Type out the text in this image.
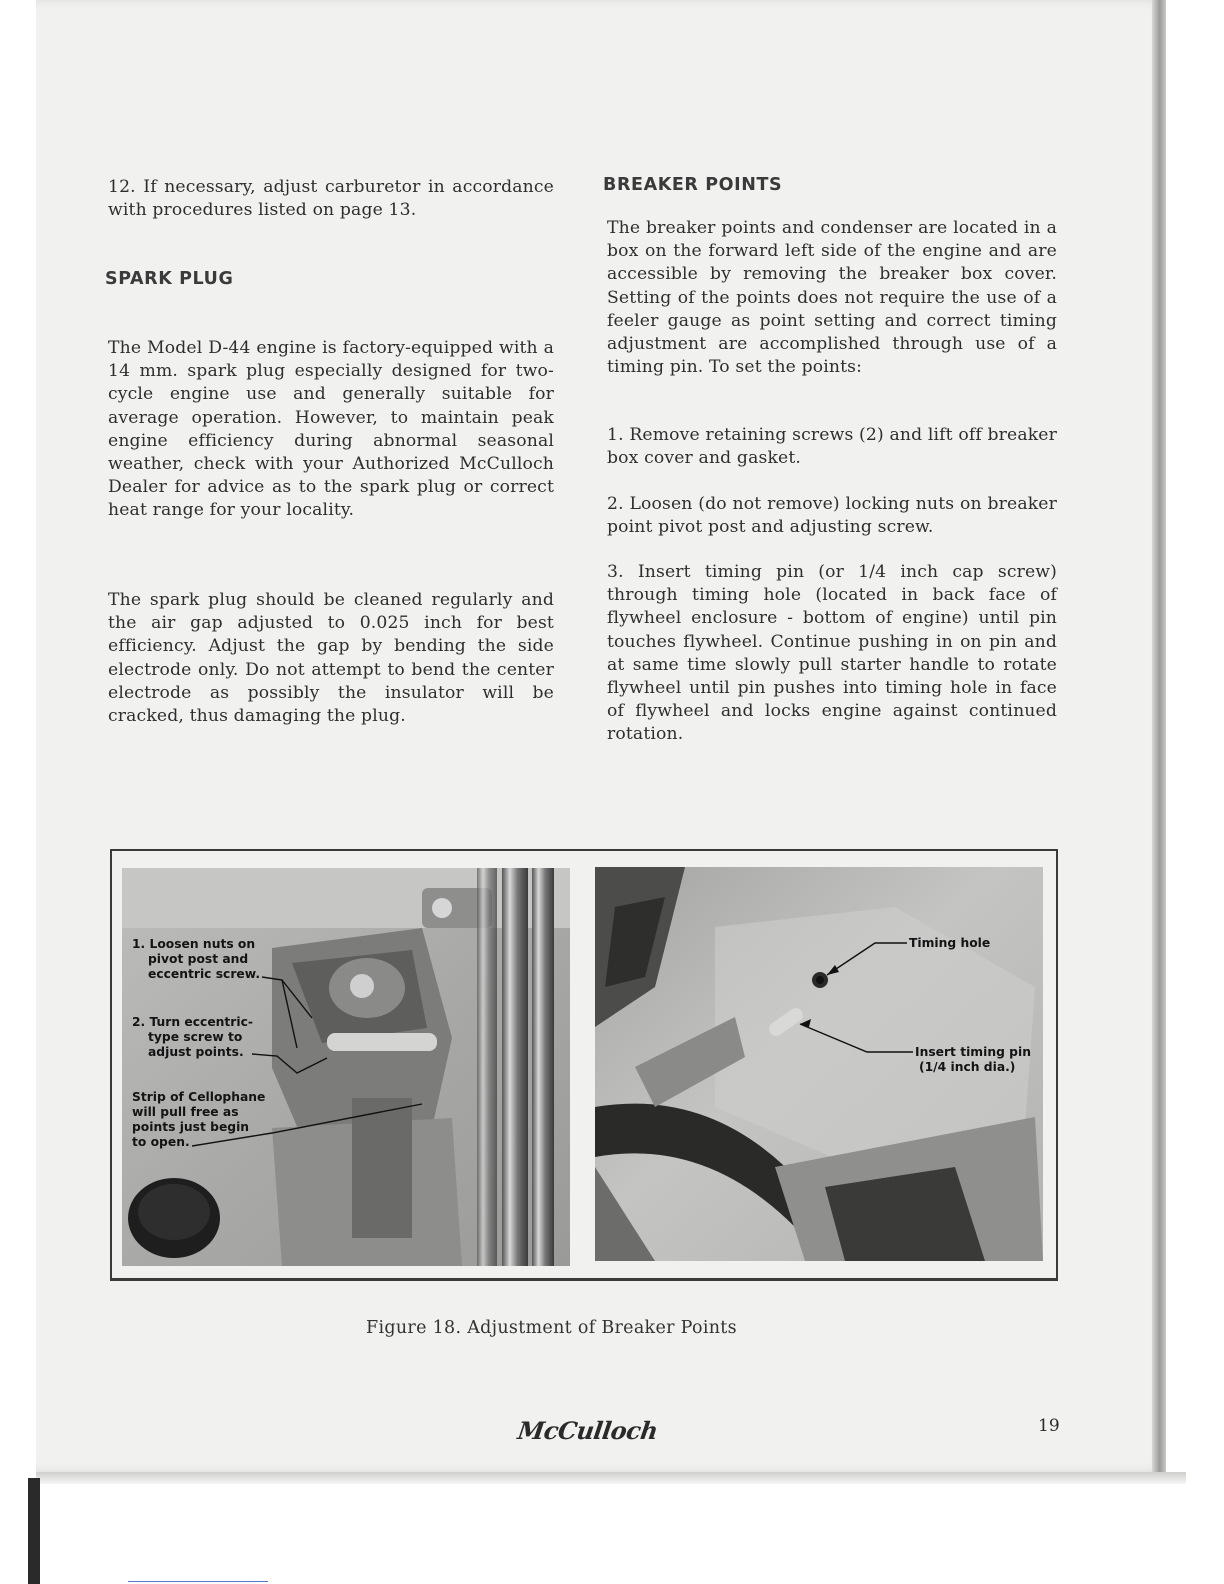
12. If necessary, adjust carburetor in accordance with procedures listed on page 13.

SPARK PLUG

The Model D-44 engine is factory-equipped with a 14 mm. spark plug especially designed for two-cycle engine use and generally suitable for average operation. However, to maintain peak engine efficiency during abnormal seasonal weather, check with your Authorized McCulloch Dealer for advice as to the spark plug or correct heat range for your locality.

The spark plug should be cleaned regularly and the air gap adjusted to 0.025 inch for best efficiency. Adjust the gap by bending the side electrode only. Do not attempt to bend the center electrode as possibly the insulator will be cracked, thus damaging the plug.

BREAKER POINTS

The breaker points and condenser are located in a box on the forward left side of the engine and are accessible by removing the breaker box cover. Setting of the points does not require the use of a feeler gauge as point setting and correct timing adjustment are accomplished through use of a timing pin. To set the points:

1. Remove retaining screws (2) and lift off breaker box cover and gasket.

2. Loosen (do not remove) locking nuts on breaker point pivot post and adjusting screw.

3. Insert timing pin (or 1/4 inch cap screw) through timing hole (located in back face of flywheel enclosure - bottom of engine) until pin touches flywheel. Continue pushing in on pin and at same time slowly pull starter handle to rotate flywheel until pin pushes into timing hole in face of flywheel and locks engine against continued rotation.

1. Loosen nuts on pivot post and eccentric screw. 2. Turn eccentric- type screw to adjust points. Strip of Cellophane will pull free as points just begin to open.
Timing hole Insert timing pin (1/4 inch dia.)
Figure 18. Adjustment of Breaker Points
McCulloch	19
